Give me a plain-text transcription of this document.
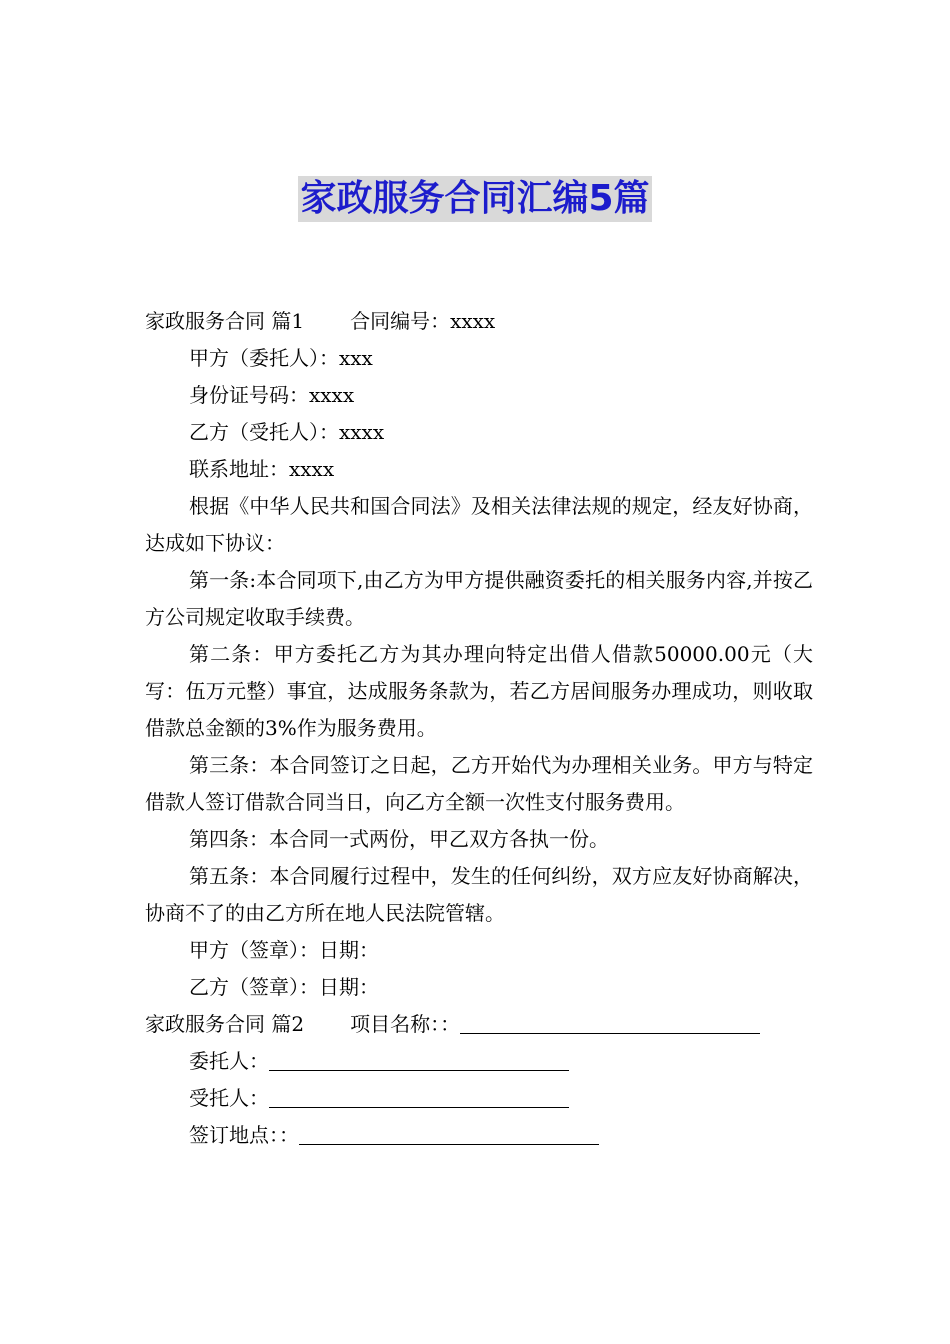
家政服务合同汇编5篇

家政服务合同 篇1 合同编号：xxxx

甲方（委托人）：xxx

身份证号码：xxxx

乙方（受托人）：xxxx

联系地址：xxxx

根据《中华人民共和国合同法》及相关法律法规的规定，经友好协商，达成如下协议：

第一条:本合同项下,由乙方为甲方提供融资委托的相关服务内容,并按乙方公司规定收取手续费。

第二条：甲方委托乙方为其办理向特定出借人借款50000.00元（大写：伍万元整）事宜，达成服务条款为，若乙方居间服务办理成功，则收取借款总金额的3%作为服务费用。

第三条：本合同签订之日起，乙方开始代为办理相关业务。甲方与特定借款人签订借款合同当日，向乙方全额一次性支付服务费用。

第四条：本合同一式两份，甲乙双方各执一份。

第五条：本合同履行过程中，发生的任何纠纷，双方应友好协商解决，协商不了的由乙方所在地人民法院管辖。

甲方（签章）：日期：

乙方（签章）：日期：

家政服务合同 篇2 项目名称：：

委托人：

受托人：

签订地点：：
